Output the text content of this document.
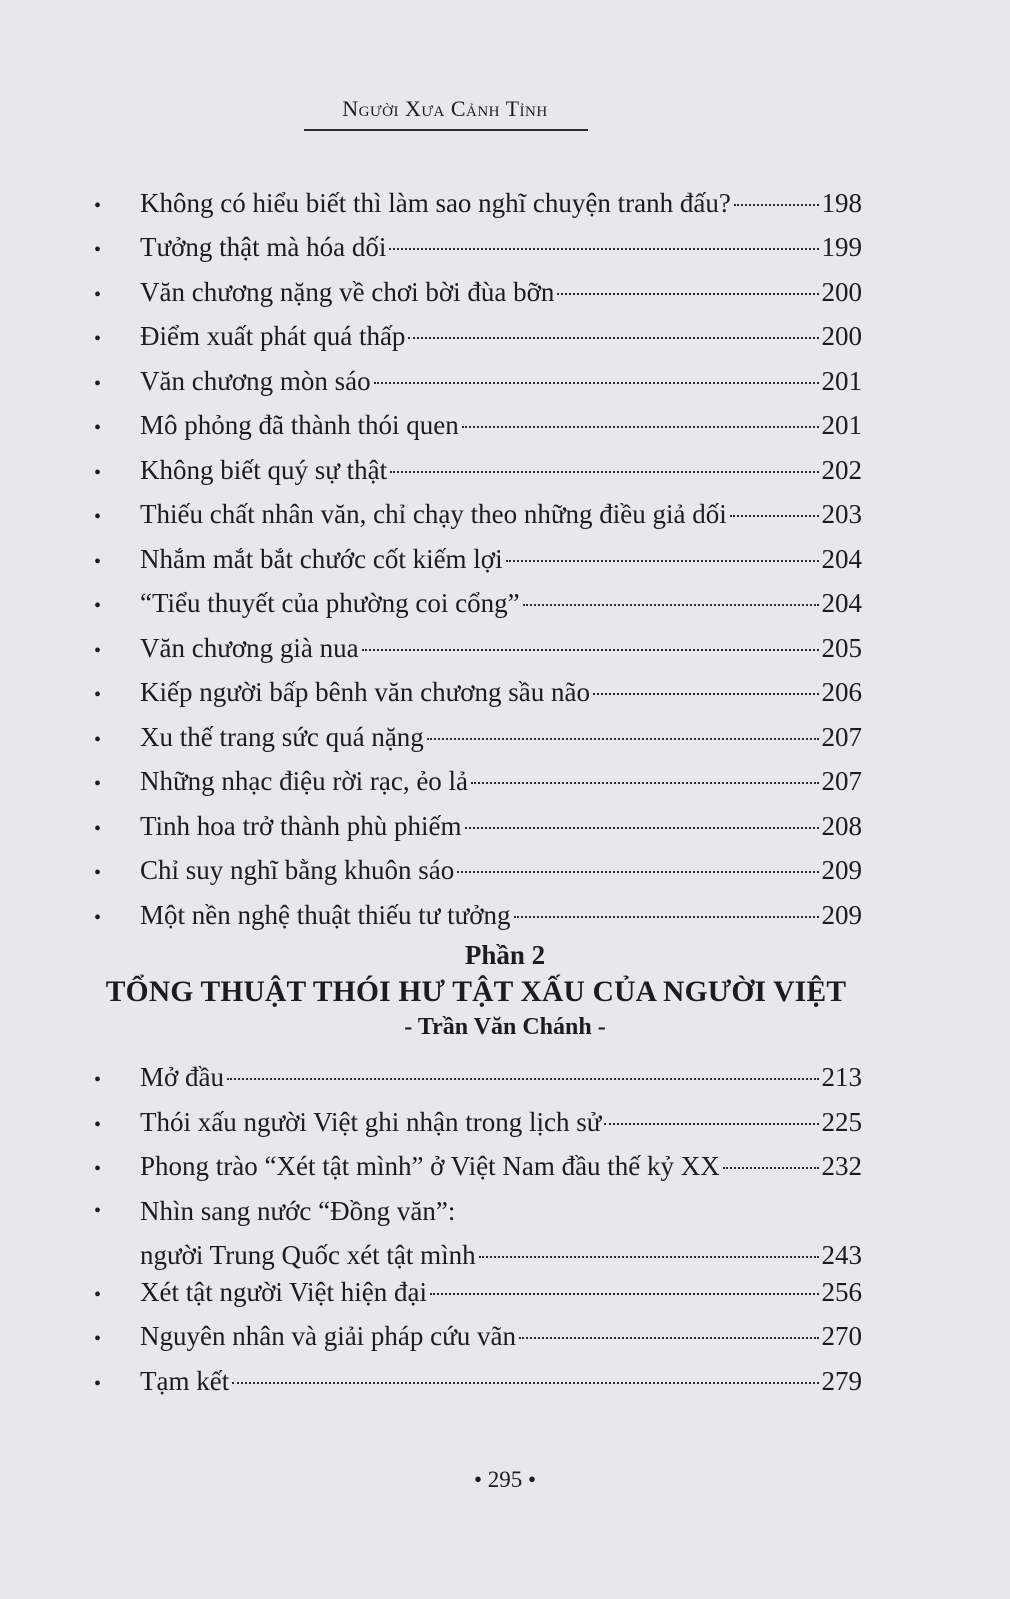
Người Xưa Cảnh Tỉnh
•	Không có hiểu biết thì làm sao nghĩ chuyện tranh đấu?	198
•	Tưởng thật mà hóa dối	199
•	Văn chương nặng về chơi bời đùa bỡn	200
•	Điểm xuất phát quá thấp	200
•	Văn chương mòn sáo	201
•	Mô phỏng đã thành thói quen	201
•	Không biết quý sự thật	202
•	Thiếu chất nhân văn, chỉ chạy theo những điều giả dối	203
•	Nhắm mắt bắt chước cốt kiếm lợi	204
•	“Tiểu thuyết của phường coi cổng”	204
•	Văn chương già nua	205
•	Kiếp người bấp bênh văn chương sầu não	206
•	Xu thế trang sức quá nặng	207
•	Những nhạc điệu rời rạc, ẻo lả	207
•	Tinh hoa trở thành phù phiếm	208
•	Chỉ suy nghĩ bằng khuôn sáo	209
•	Một nền nghệ thuật thiếu tư tưởng	209
Phần 2
TỔNG THUẬT THÓI HƯ TẬT XẤU CỦA NGƯỜI VIỆT
- Trần Văn Chánh -
•	Mở đầu	213
•	Thói xấu người Việt ghi nhận trong lịch sử	225
•	Phong trào “Xét tật mình” ở Việt Nam đầu thế kỷ XX	232
•	Nhìn sang nước “Đồng văn”:
người Trung Quốc xét tật mình	243
•	Xét tật người Việt hiện đại	256
•	Nguyên nhân và giải pháp cứu vãn	270
•	Tạm kết	279
• 295 •
